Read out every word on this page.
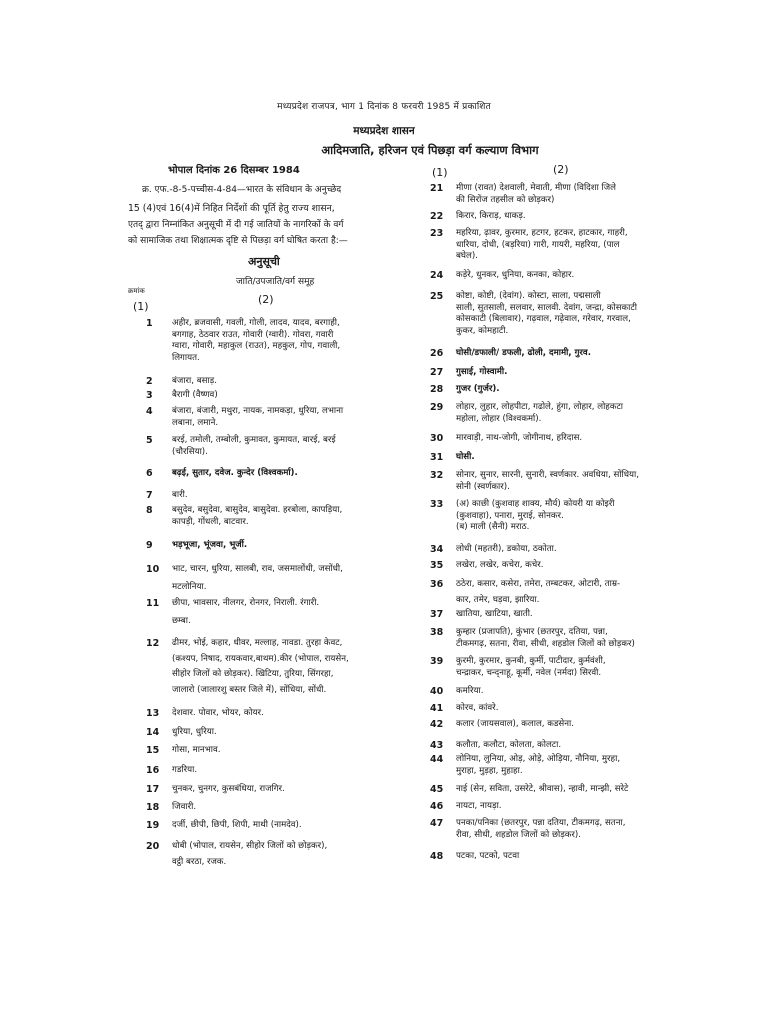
मध्यप्रदेश राजपत्र, भाग 1 दिनांक 8 फरवरी 1985 में प्रकाशित
मध्यप्रदेश शासन
आदिमजाति, हरिजन एवं पिछड़ा वर्ग कल्याण विभाग
भोपाल दिनांक 26 दिसम्बर 1984
क्र. एफ.-8-5-पच्चीस-4-84—भारत के संविधान के अनुच्छेद
15 (4)एवं 16(4)में निहित निर्देशों की पूर्ति हेतु राज्य शासन,
एतद् द्वारा निम्नांकित अनुसूची में दी गई जातियों के नागरिकों के वर्ग
को सामाजिक तथा शिक्षात्मक दृष्टि से पिछड़ा वर्ग घोषित करता है:—
अनुसूची
जाति/उपजाति/वर्ग समूह
क्रमांक
(1)
(2)
(1)	(2)
1	अहीर, ब्रजवासी, गवली, गोली, लादव, यादव, बरगाही,
बगगाह, ठेठवार राउत, गोवारी (ग्वारी). गोवरा, गवारी
ग्वारा, गोवारी, महाकुल (राउत), महकुल, गोप, गवाली,
लिगायत.
2	बंजारा, बसाड़.
3	बैरागी (वैष्णव)
4	बंजारा, बंजारी, मथुरा, नायक, नामकड़ा, धुरिया, लभाना
लबाना, लमाने.
5	बरई, तमोली, तम्बोली, कुमावत, कुमायत, बारई, बरई
(चौरसिया).
6	बढ़ई, सुतार, दवेज. कुन्देर (विश्वकर्मा).
7	बारी.
8	बसुदेव, बसुदेवा, बासुदेव, बासुदेवा. हरबोला, कापड़िया,
कापड़ी, गोंधली, बाटवार.
9	भड़भूजा, भूंजवा, भूर्जी.
10	भाट, चारन, धुरिया, सालबी, राव, जसमालोंधी, जसोंधी,
मटलोनिया.
11	छीपा, भावसार, नीलगर, रोनगर, निराली. रंगारी.
छम्बा.
12	ढीमर, भोई, कहार, धीवर, मल्लाह, नावडा. तुरहा केवट,
(कश्यप, निषाद, रायकवार,बाथम).कीर (भोपाल, रायसेन,
सीहोर जिलों को छोड़कर). खिटिया, तुरिया, सिंगरहा,
जालारो (जालारशु बस्तर जिले में), सोंधिया, सोंधी.
13	देशवार. पोवार, भोयर, कोयर.
14	धुरिया, धुरिया.
15	गोसा, मानभाव.
16	गडरिया.
17	चुनकर, चुनगर, कुसबंधिया, राजगिर.
18	जिवारी.
19	दर्जी, छीपी, छिपी, शिपी, माथी (नामदेव).
20	धोबी (भोपाल, रायसेन, सीहोर जिलों को छोड़कर),
वट्ठी बरठा, रजक.
21	मीणा (रावत) देशवाली, मेवाती, मीणा (विदिशा जिले
की सिरोंज तहसील को छोड़कर)
22	किरार, किराड़, धाकड़.
23	महरिया, ढ़ावर, कुरमार, हटगर, हटकर, हाटकार, गाहरी,
धारिया, दोधी, (बड़रिया) गारी, गायरी, महरिया, (पाल
बघेल).
24	कड़ेरे, धुनकर, धुनिया, कनका, कोहार.
25	कोष्टा, कोष्टी, (देवांग). कोस्टा, साला, पद्मसाली
साली, सुतसाली, सलवार, सालवी. देवांग, जन्द्रा, कोसकाटी
कोसकाटी (बिलावार), गढ़वाल, गढ़ेवाल, गरेवार, गरवाल,
कुकर, कोमहाटी.
26	घोसी/डफाली/ डफली, ढोली, दमामी, गुरव.
27	गुसाई, गोस्वामी.
28	गुजर (गुर्जर).
29	लोहार, लुहार, लोहपीटा, गढोले, हुंगा, लोहार, लोहकटा
महोला, लोहार (विश्वकर्मा).
30	मारवाड़ी, नाथ-जोगी, जोगीनाथ, हरिदास.
31	घोसी.
32	सोनार, सुनार, सारनी, सुनारी, स्वर्णकार. अवधिया, सोंधिया,
सोनी (स्वर्णकार).
33	(अ) काछी (कुशवाह शाक्य, मौर्य) कोयरी या कोइरी
(कुशवाहा), पनारा, मुराई, सोनकर.
(ब) माली (सैनी) मराठ.
34	लोधी (महतरी), डकोया, ठकोता.
35	लखेरा, लखेर, कचेरा, कचेर.
36	ठठेरा, कसार, कसेरा, तमेरा, तम्बटकर, ओटारी, ताम्र-
कार, तमेर, घड़वा, झारिया.
37	खातिया, खाटिया, खाती.
38	कुम्हार (प्रजापति), कुंभार (छतरपुर, दतिया, पन्ना,
टीकमगढ़, सतना, रीवा, सीधी, शहडोल जिलों को छोड़कर)
39	कुरमी, कुरमार, कुनबी, कुर्मी, पाटीदार, कुर्मवंशी,
चन्द्राकर, चन्द्नाहू, कूर्मी, नवेल (नर्मदा) सिरवी.
40	कमरिया.
41	कोरव, कांवरे.
42	कलार (जायसवाल), कलाल, कडसेना.
43	कलौता, कलौटा, कोलता, कोलटा.
44	लोनिया, लुनिया, ओड़, ओड़े, ओड़िया, नौनिया, मुरहा,
मुराहा, मुड़हा, मुहाहा.
45	नाई (सेन, सविता, उसरेटे, श्रीवास), न्हावी, मान्झी, सरेटे
46	नायटा, नायड़ा.
47	पनका/पनिका (छतरपुर, पन्ना दतिया, टीकमगढ़, सतना,
रीवा, सीधी, शहडोल जिलों को छोड़कर).
48	पटका, पटको, पटवा
